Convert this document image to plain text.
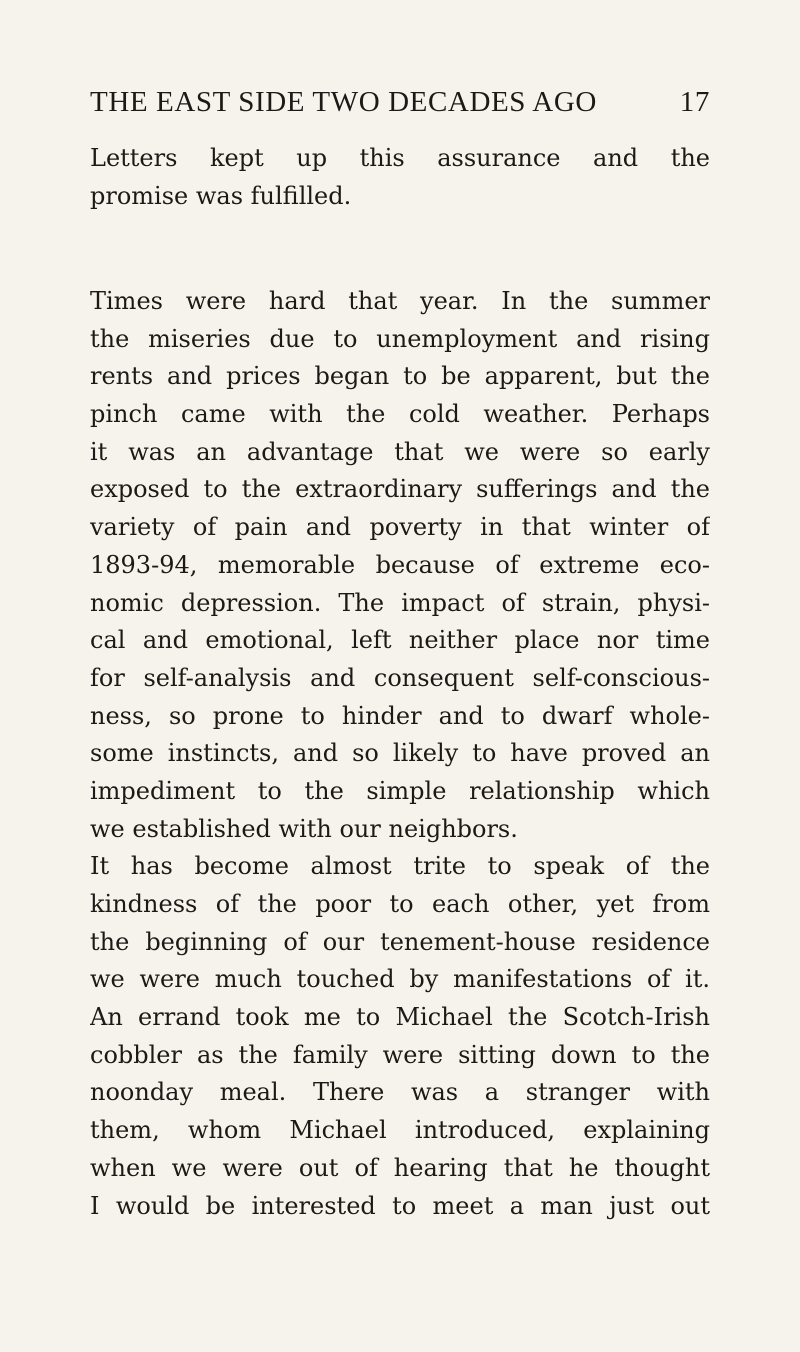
THE EAST SIDE TWO DECADES AGO	17

Letters kept up this assurance and the
promise was fulfilled.

Times were hard that year. In the summer
the miseries due to unemployment and rising
rents and prices began to be apparent, but the
pinch came with the cold weather. Perhaps
it was an advantage that we were so early
exposed to the extraordinary sufferings and the
variety of pain and poverty in that winter of
1893-94, memorable because of extreme eco-
nomic depression. The impact of strain, physi-
cal and emotional, left neither place nor time
for self-analysis and consequent self-conscious-
ness, so prone to hinder and to dwarf whole-
some instincts, and so likely to have proved an
impediment to the simple relationship which
we established with our neighbors.

It has become almost trite to speak of the
kindness of the poor to each other, yet from
the beginning of our tenement-house residence
we were much touched by manifestations of it.
An errand took me to Michael the Scotch-Irish
cobbler as the family were sitting down to the
noonday meal. There was a stranger with
them, whom Michael introduced, explaining
when we were out of hearing that he thought
I would be interested to meet a man just out
